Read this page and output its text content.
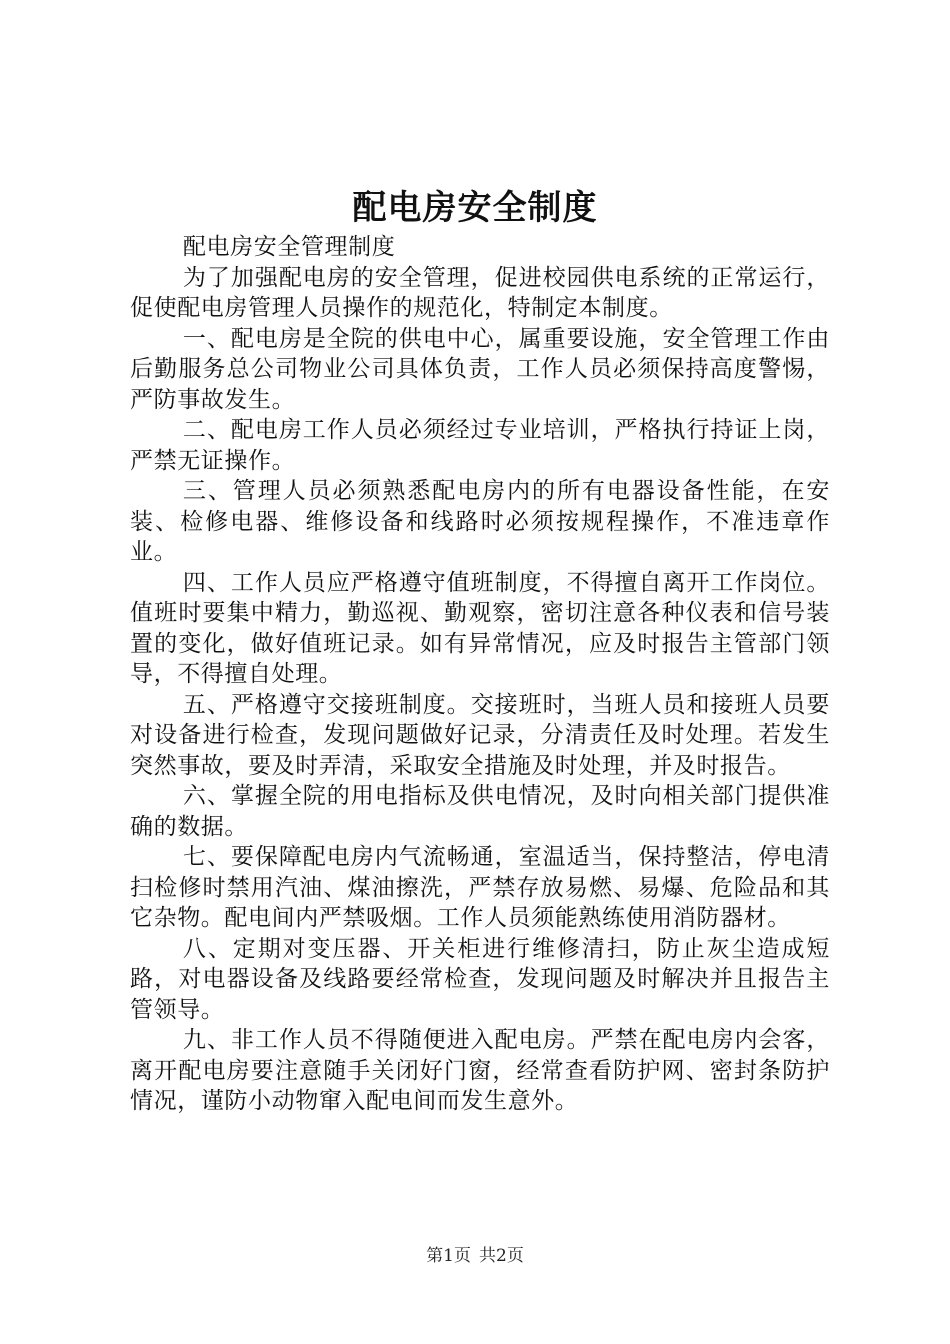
配电房安全制度

配电房安全管理制度

为了加强配电房的安全管理，促进校园供电系统的正常运行，促使配电房管理人员操作的规范化，特制定本制度。

一、配电房是全院的供电中心，属重要设施，安全管理工作由后勤服务总公司物业公司具体负责，工作人员必须保持高度警惕，严防事故发生。

二、配电房工作人员必须经过专业培训，严格执行持证上岗，严禁无证操作。

三、管理人员必须熟悉配电房内的所有电器设备性能，在安装、检修电器、维修设备和线路时必须按规程操作，不准违章作业。

四、工作人员应严格遵守值班制度，不得擅自离开工作岗位。值班时要集中精力，勤巡视、勤观察，密切注意各种仪表和信号装置的变化，做好值班记录。如有异常情况，应及时报告主管部门领导，不得擅自处理。

五、严格遵守交接班制度。交接班时，当班人员和接班人员要对设备进行检查，发现问题做好记录，分清责任及时处理。若发生突然事故，要及时弄清，采取安全措施及时处理，并及时报告。

六、掌握全院的用电指标及供电情况，及时向相关部门提供准确的数据。

七、要保障配电房内气流畅通，室温适当，保持整洁，停电清扫检修时禁用汽油、煤油擦洗，严禁存放易燃、易爆、危险品和其它杂物。配电间内严禁吸烟。工作人员须能熟练使用消防器材。

八、定期对变压器、开关柜进行维修清扫，防止灰尘造成短路，对电器设备及线路要经常检查，发现问题及时解决并且报告主管领导。

九、非工作人员不得随便进入配电房。严禁在配电房内会客，离开配电房要注意随手关闭好门窗，经常查看防护网、密封条防护情况，谨防小动物窜入配电间而发生意外。

第1页 共2页
